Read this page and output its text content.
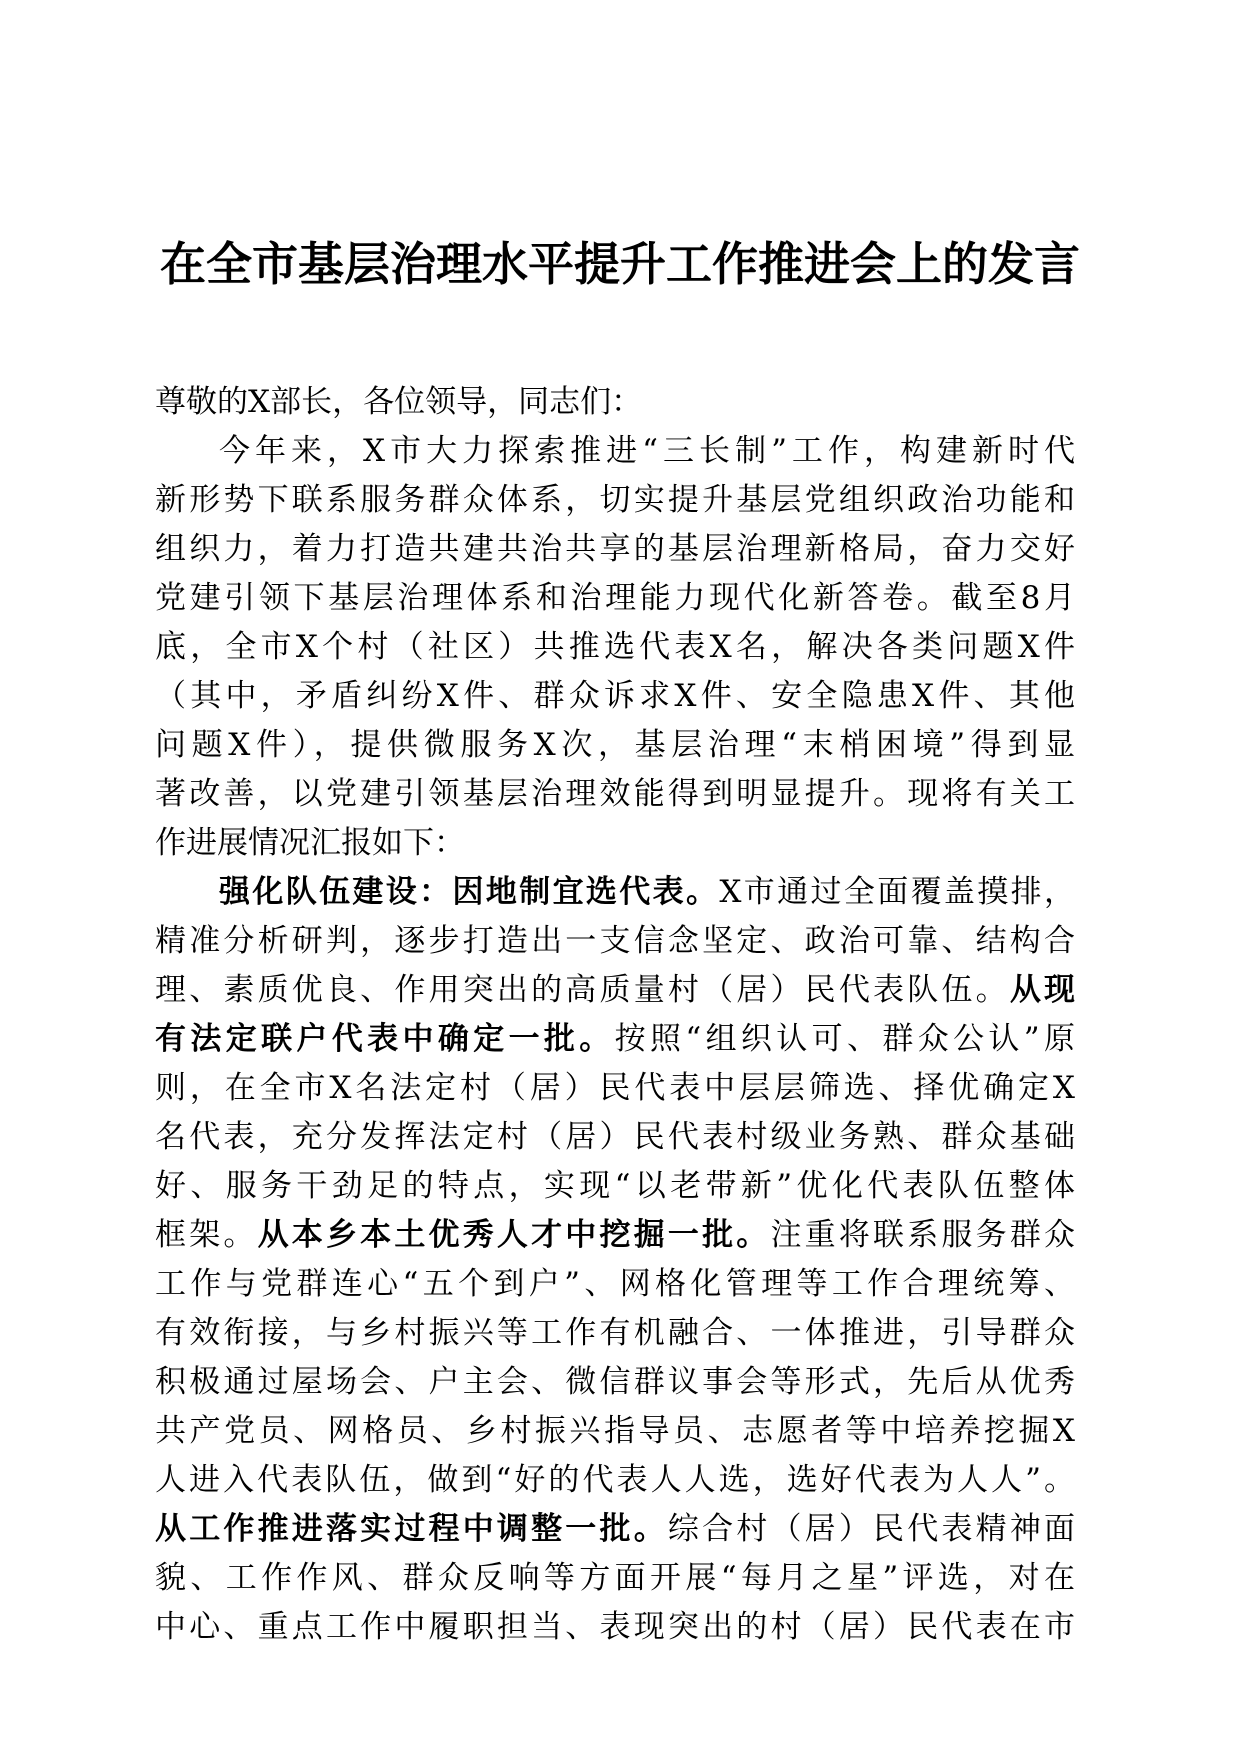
在全市基层治理水平提升工作推进会上的发言
尊敬的X部长，各位领导，同志们：
今年来，X市大力探索推进“三长制”工作，构建新时代
新形势下联系服务群众体系，切实提升基层党组织政治功能和
组织力，着力打造共建共治共享的基层治理新格局，奋力交好
党建引领下基层治理体系和治理能力现代化新答卷。截至8月
底，全市X个村（社区）共推选代表X名，解决各类问题X件
（其中，矛盾纠纷X件、群众诉求X件、安全隐患X件、其他
问题X件），提供微服务X次，基层治理“末梢困境”得到显
著改善，以党建引领基层治理效能得到明显提升。现将有关工
作进展情况汇报如下：
强化队伍建设：因地制宜选代表。X市通过全面覆盖摸排，
精准分析研判，逐步打造出一支信念坚定、政治可靠、结构合
理、素质优良、作用突出的高质量村（居）民代表队伍。从现
有法定联户代表中确定一批。按照“组织认可、群众公认”原
则，在全市X名法定村（居）民代表中层层筛选、择优确定X
名代表，充分发挥法定村（居）民代表村级业务熟、群众基础
好、服务干劲足的特点，实现“以老带新”优化代表队伍整体
框架。从本乡本土优秀人才中挖掘一批。注重将联系服务群众
工作与党群连心“五个到户”、网格化管理等工作合理统筹、
有效衔接，与乡村振兴等工作有机融合、一体推进，引导群众
积极通过屋场会、户主会、微信群议事会等形式，先后从优秀
共产党员、网格员、乡村振兴指导员、志愿者等中培养挖掘X
人进入代表队伍，做到“好的代表人人选，选好代表为人人”。
从工作推进落实过程中调整一批。综合村（居）民代表精神面
貌、工作作风、群众反响等方面开展“每月之星”评选，对在
中心、重点工作中履职担当、表现突出的村（居）民代表在市
